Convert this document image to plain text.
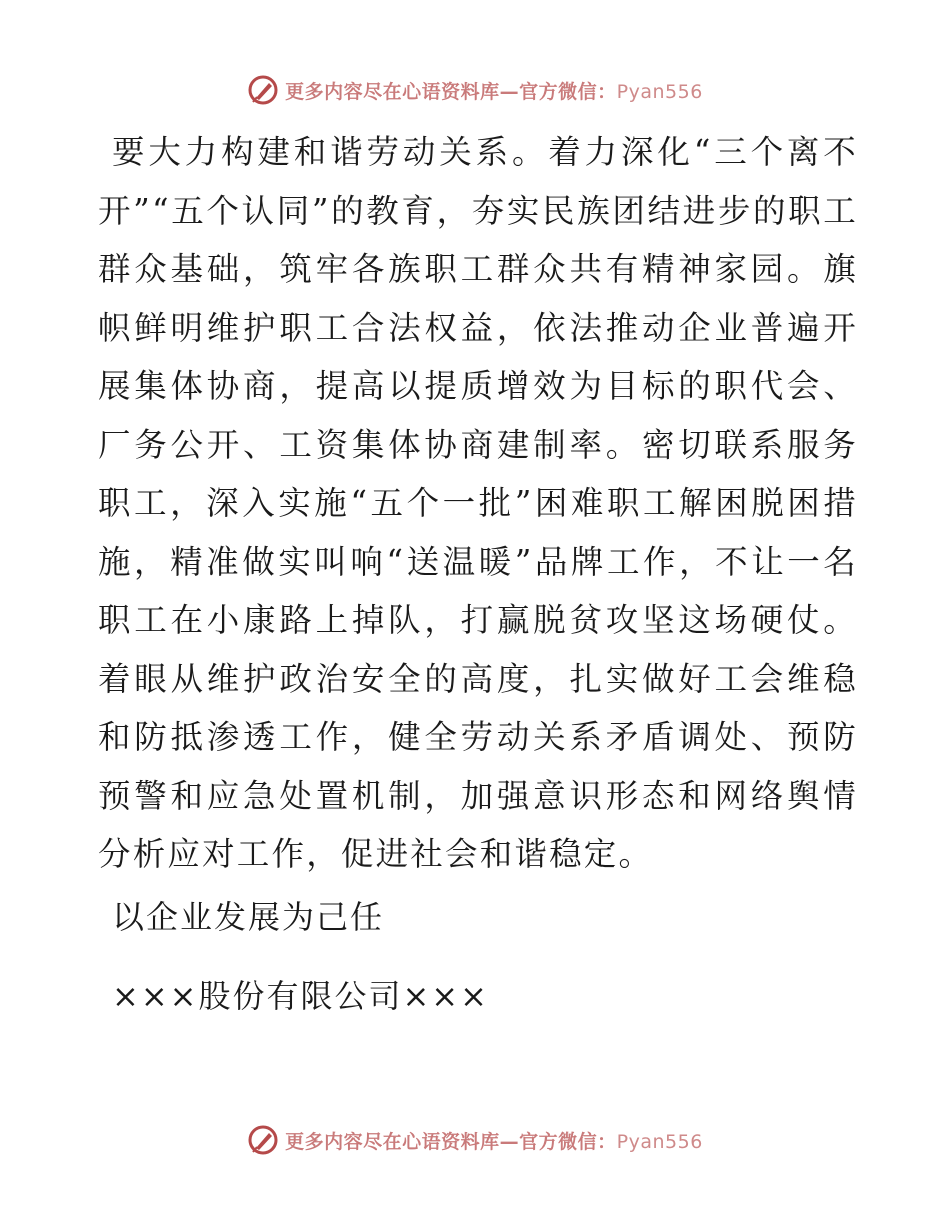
更多内容尽在心语资料库—官方微信：Pyan556

要大力构建和谐劳动关系。着力深化“三个离不开”“五个认同”的教育，夯实民族团结进步的职工群众基础，筑牢各族职工群众共有精神家园。旗帜鲜明维护职工合法权益，依法推动企业普遍开展集体协商，提高以提质增效为目标的职代会、厂务公开、工资集体协商建制率。密切联系服务职工，深入实施“五个一批”困难职工解困脱困措施，精准做实叫响“送温暖”品牌工作，不让一名职工在小康路上掉队，打赢脱贫攻坚这场硬仗。着眼从维护政治安全的高度，扎实做好工会维稳和防抵渗透工作，健全劳动关系矛盾调处、预防预警和应急处置机制，加强意识形态和网络舆情分析应对工作，促进社会和谐稳定。

以企业发展为己任

×××股份有限公司×××

更多内容尽在心语资料库—官方微信：Pyan556
